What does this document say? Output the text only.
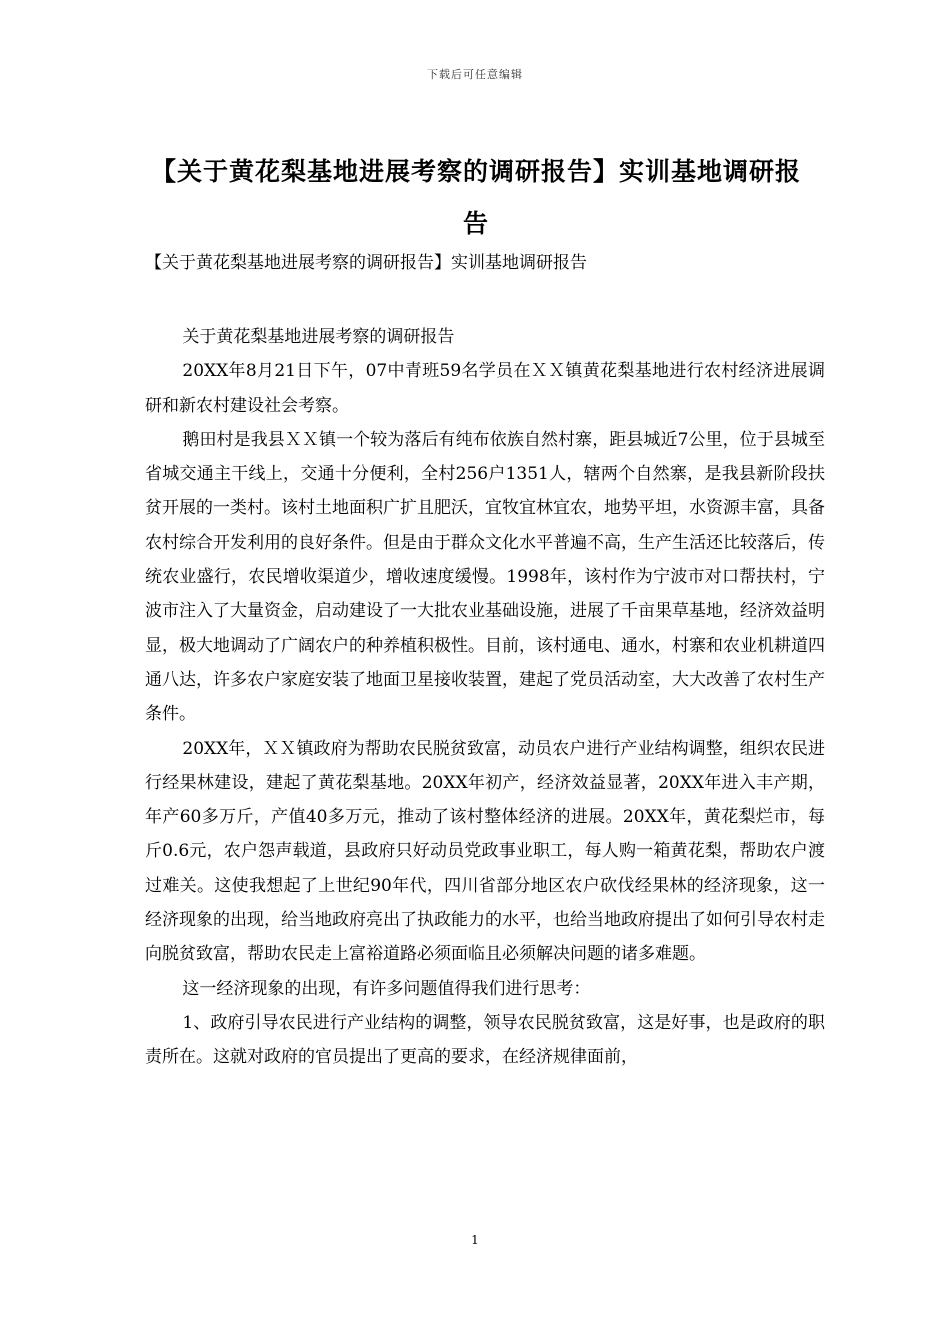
下载后可任意编辑
【关于黄花梨基地进展考察的调研报告】实训基地调研报告
【关于黄花梨基地进展考察的调研报告】实训基地调研报告

关于黄花梨基地进展考察的调研报告

20XX年8月21日下午，07中青班59名学员在ＸＸ镇黄花梨基地进行农村经济进展调研和新农村建设社会考察。

鹅田村是我县ＸＸ镇一个较为落后有纯布依族自然村寨，距县城近7公里，位于县城至省城交通主干线上，交通十分便利，全村256户1351人，辖两个自然寨，是我县新阶段扶贫开展的一类村。该村土地面积广扩且肥沃，宜牧宜林宜农，地势平坦，水资源丰富，具备农村综合开发利用的良好条件。但是由于群众文化水平普遍不高，生产生活还比较落后，传统农业盛行，农民增收渠道少，增收速度缓慢。1998年，该村作为宁波市对口帮扶村，宁波市注入了大量资金，启动建设了一大批农业基础设施，进展了千亩果草基地，经济效益明显，极大地调动了广阔农户的种养植积极性。目前，该村通电、通水，村寨和农业机耕道四通八达，许多农户家庭安装了地面卫星接收装置，建起了党员活动室，大大改善了农村生产条件。

20XX年，ＸＸ镇政府为帮助农民脱贫致富，动员农户进行产业结构调整，组织农民进行经果林建设，建起了黄花梨基地。20XX年初产，经济效益显著，20XX年进入丰产期，年产60多万斤，产值40多万元，推动了该村整体经济的进展。20XX年，黄花梨烂市，每斤0.6元，农户怨声载道，县政府只好动员党政事业职工，每人购一箱黄花梨，帮助农户渡过难关。这使我想起了上世纪90年代，四川省部分地区农户砍伐经果林的经济现象，这一经济现象的出现，给当地政府亮出了执政能力的水平，也给当地政府提出了如何引导农村走向脱贫致富，帮助农民走上富裕道路必须面临且必须解决问题的诸多难题。

这一经济现象的出现，有许多问题值得我们进行思考：

1、政府引导农民进行产业结构的调整，领导农民脱贫致富，这是好事，也是政府的职责所在。这就对政府的官员提出了更高的要求，在经济规律面前，

1
